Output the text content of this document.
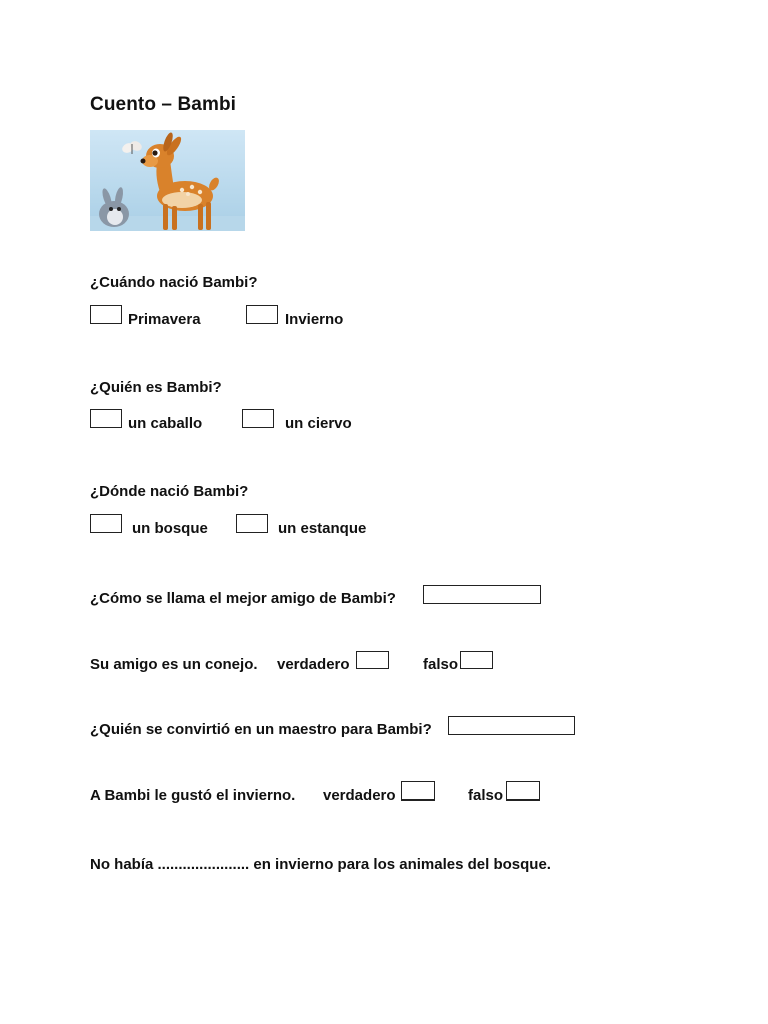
Cuento – Bambi
¿Cuándo nació Bambi?
Primavera	Invierno
¿Quién es Bambi?
un caballo	un ciervo
¿Dónde nació Bambi?
un bosque	un estanque
¿Cómo se llama el mejor amigo de Bambi?
Su amigo es un conejo. verdadero	falso
¿Quién se convirtió en un maestro para Bambi?
A Bambi le gustó el invierno. verdadero	falso
No había ...................... en invierno para los animales del bosque.
